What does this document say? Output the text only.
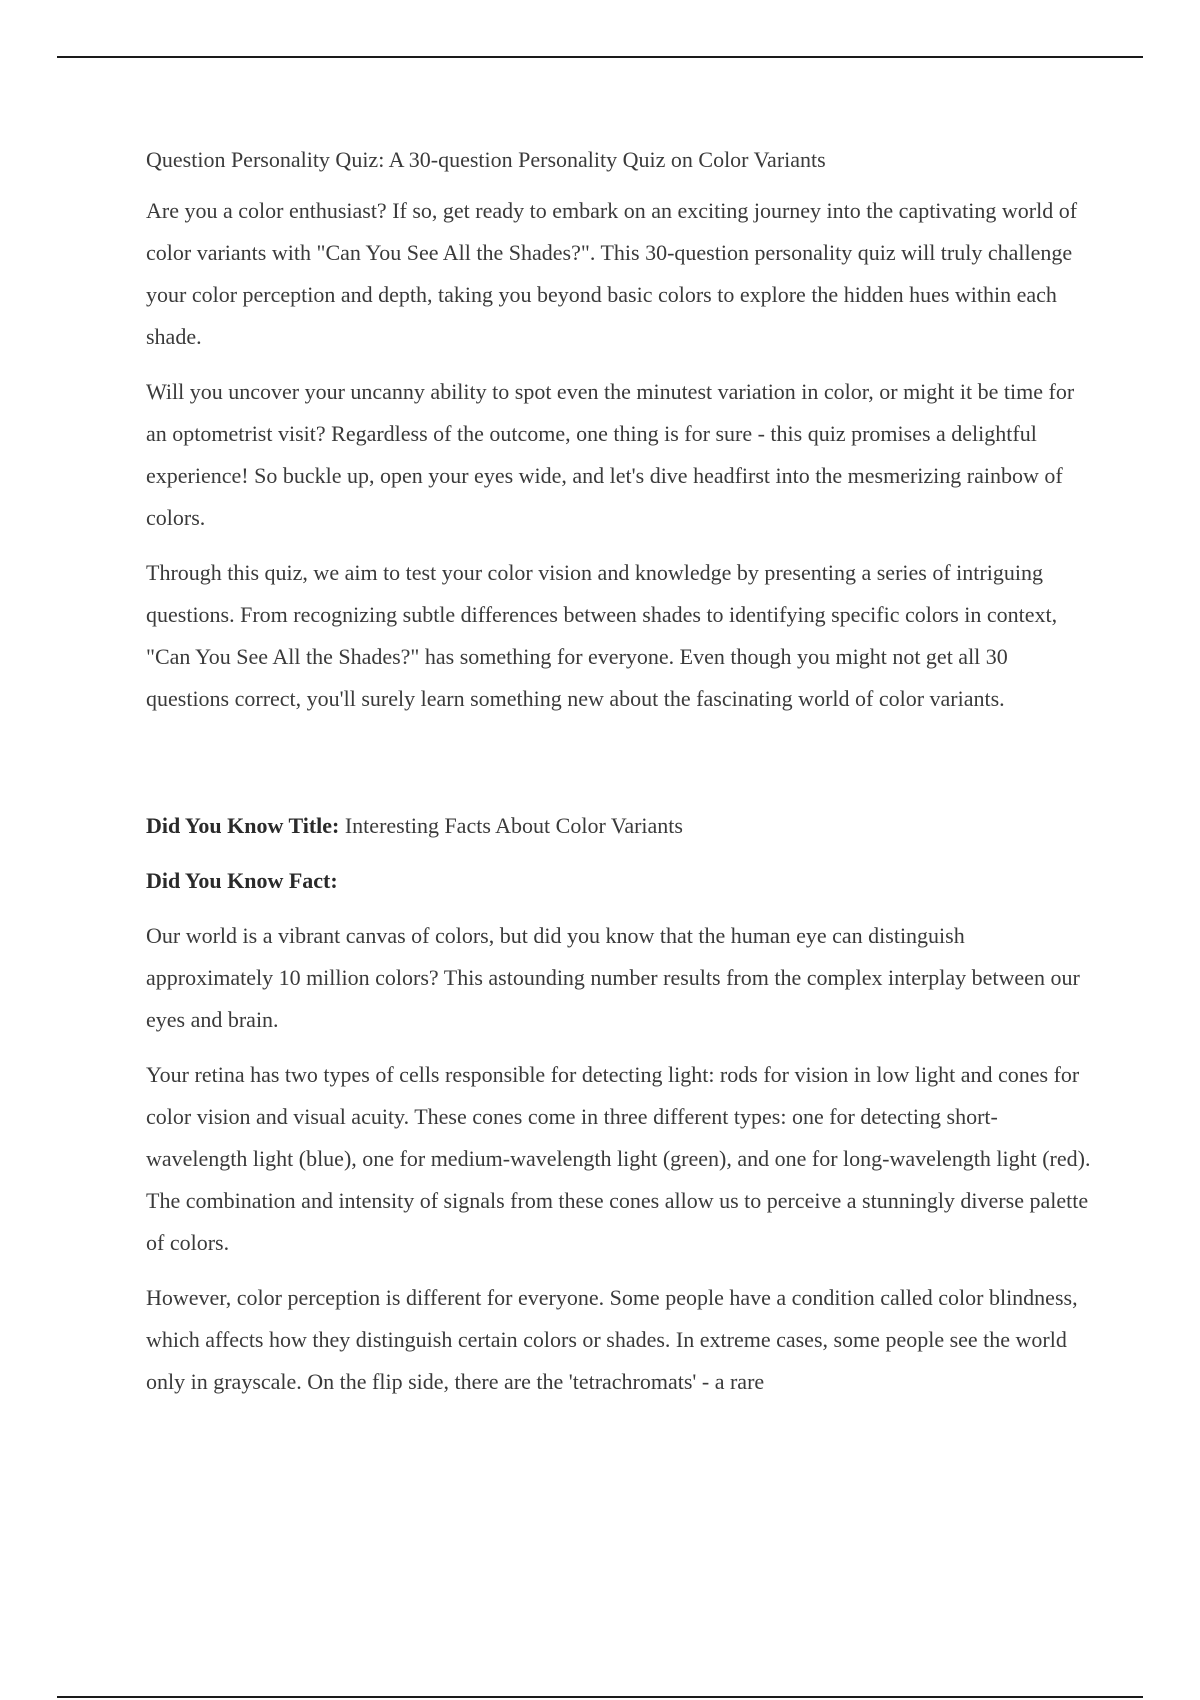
Question Personality Quiz: A 30-question Personality Quiz on Color Variants

Are you a color enthusiast? If so, get ready to embark on an exciting journey into the captivating world of color variants with "Can You See All the Shades?". This 30-question personality quiz will truly challenge your color perception and depth, taking you beyond basic colors to explore the hidden hues within each shade.

Will you uncover your uncanny ability to spot even the minutest variation in color, or might it be time for an optometrist visit? Regardless of the outcome, one thing is for sure - this quiz promises a delightful experience! So buckle up, open your eyes wide, and let's dive headfirst into the mesmerizing rainbow of colors.

Through this quiz, we aim to test your color vision and knowledge by presenting a series of intriguing questions. From recognizing subtle differences between shades to identifying specific colors in context, "Can You See All the Shades?" has something for everyone. Even though you might not get all 30 questions correct, you'll surely learn something new about the fascinating world of color variants.

Did You Know Title: Interesting Facts About Color Variants

Did You Know Fact:

Our world is a vibrant canvas of colors, but did you know that the human eye can distinguish approximately 10 million colors? This astounding number results from the complex interplay between our eyes and brain.

Your retina has two types of cells responsible for detecting light: rods for vision in low light and cones for color vision and visual acuity. These cones come in three different types: one for detecting short-wavelength light (blue), one for medium-wavelength light (green), and one for long-wavelength light (red). The combination and intensity of signals from these cones allow us to perceive a stunningly diverse palette of colors.

However, color perception is different for everyone. Some people have a condition called color blindness, which affects how they distinguish certain colors or shades. In extreme cases, some people see the world only in grayscale. On the flip side, there are the 'tetrachromats' - a rare
